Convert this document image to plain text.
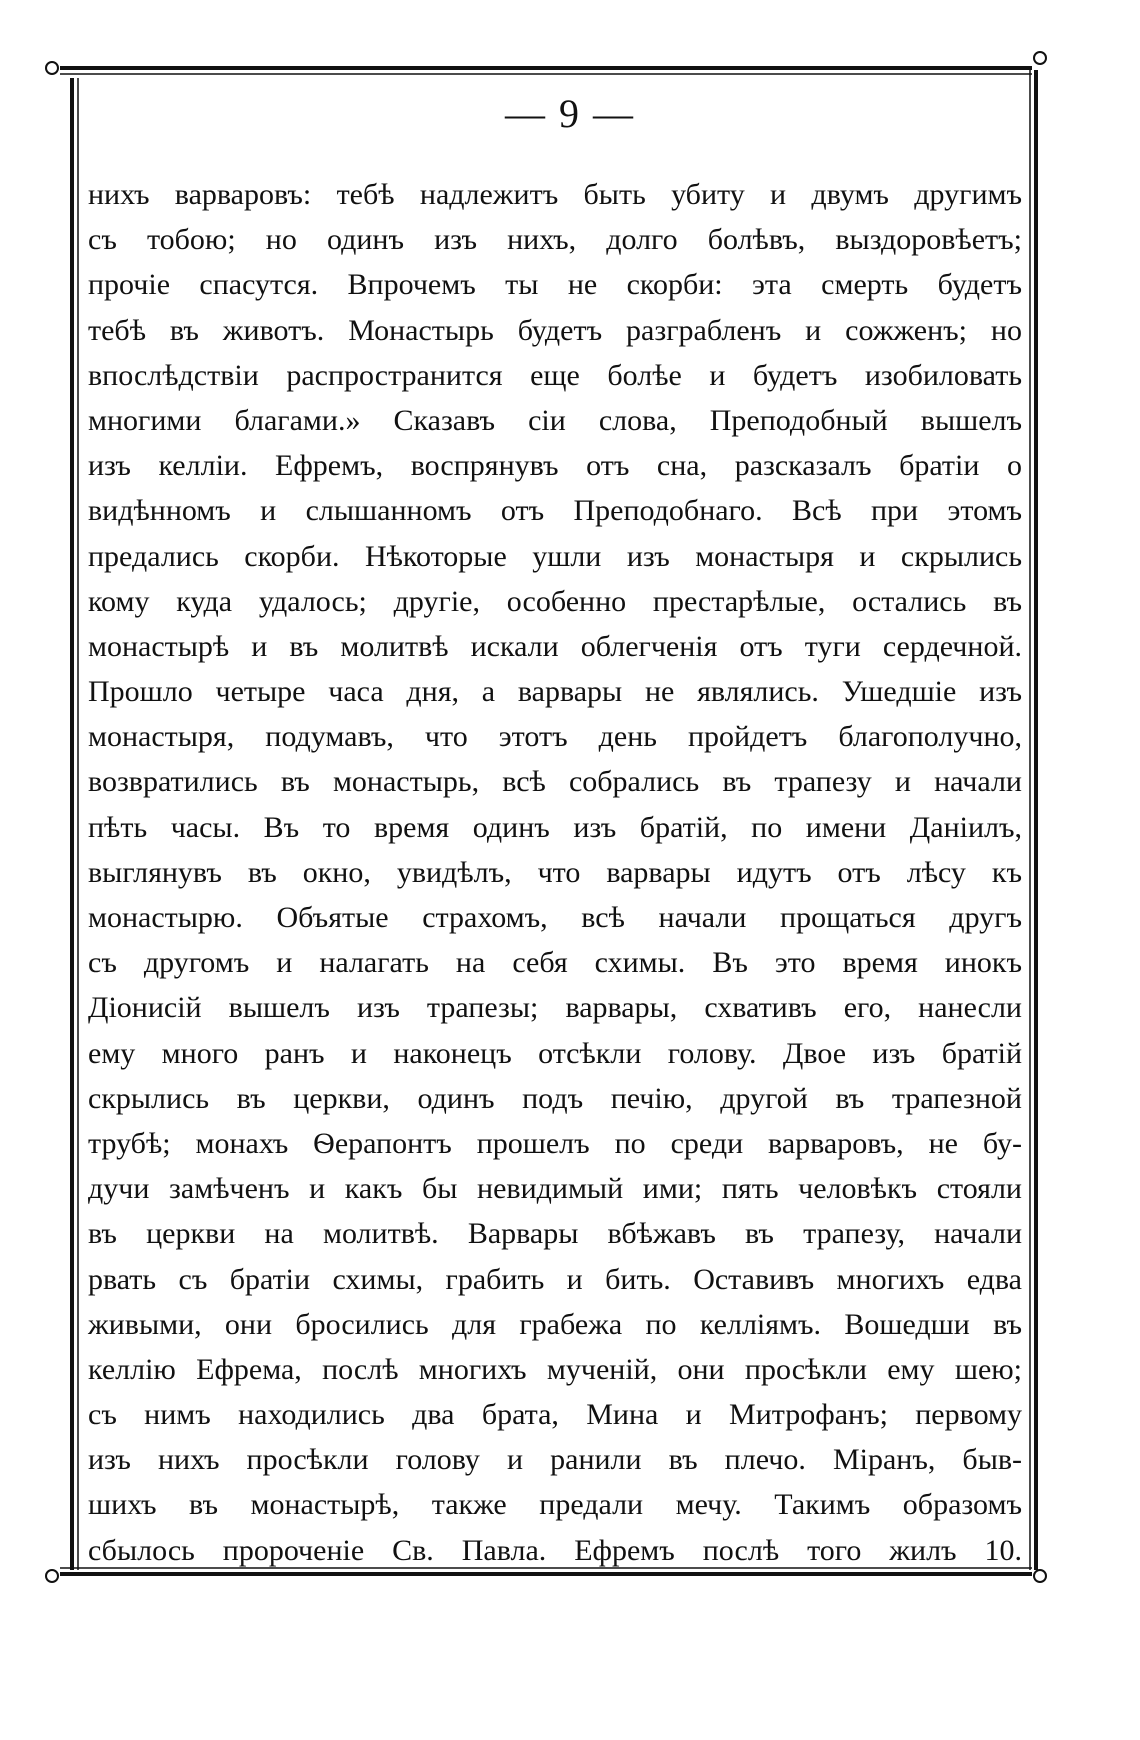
— 9 —
нихъ варваровъ: тебѣ надлежитъ быть убиту и двумъ другимъ
съ тобою; но одинъ изъ нихъ, долго болѣвъ, выздоровѣетъ;
прочіе спасутся. Впрочемъ ты не скорби: эта смерть будетъ
тебѣ въ животъ. Монастырь будетъ разграбленъ и сожженъ; но
впослѣдствіи распространится еще болѣе и будетъ изобиловать
многими благами.» Сказавъ сіи слова, Преподобный вышелъ
изъ келліи. Ефремъ, воспрянувъ отъ сна, разсказалъ братіи о
видѣнномъ и слышанномъ отъ Преподобнаго. Всѣ при этомъ
предались скорби. Нѣкоторые ушли изъ монастыря и скрылись
кому куда удалось; другіе, особенно престарѣлые, остались въ
монастырѣ и въ молитвѣ искали облегченія отъ туги сердечной.
Прошло четыре часа дня, а варвары не являлись. Ушедшіе изъ
монастыря, подумавъ, что этотъ день пройдетъ благополучно,
возвратились въ монастырь, всѣ собрались въ трапезу и начали
пѣть часы. Въ то время одинъ изъ братій, по имени Даніилъ,
выглянувъ въ окно, увидѣлъ, что варвары идутъ отъ лѣсу къ
монастырю. Объятые страхомъ, всѣ начали прощаться другъ
съ другомъ и налагать на себя схимы. Въ это время инокъ
Діонисій вышелъ изъ трапезы; варвары, схвативъ его, нанесли
ему много ранъ и наконецъ отсѣкли голову. Двое изъ братій
скрылись въ церкви, одинъ подъ печію, другой въ трапезной
трубѣ; монахъ Ѳерапонтъ прошелъ по среди варваровъ, не бу-
дучи замѣченъ и какъ бы невидимый ими; пять человѣкъ стояли
въ церкви на молитвѣ. Варвары вбѣжавъ въ трапезу, начали
рвать съ братіи схимы, грабить и бить. Оставивъ многихъ едва
живыми, они бросились для грабежа по келліямъ. Вошедши въ
келлію Ефрема, послѣ многихъ мученій, они просѣкли ему шею;
съ нимъ находились два брата, Мина и Митрофанъ; первому
изъ нихъ просѣкли голову и ранили въ плечо. Міранъ, быв-
шихъ въ монастырѣ, также предали мечу. Такимъ образомъ
сбылось пророченіе Св. Павла. Ефремъ послѣ того жилъ 10.
